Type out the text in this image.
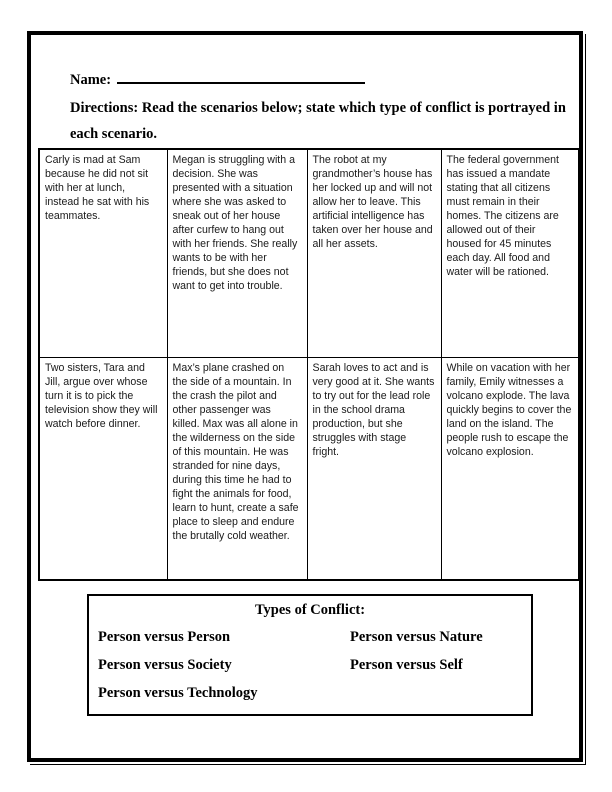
Name:
Directions: Read the scenarios below; state which type of conflict is portrayed in each scenario.
Carly is mad at Sam because he did not sit with her at lunch, instead he sat with his teammates.	Megan is struggling with a decision. She was presented with a situation where she was asked to sneak out of her house after curfew to hang out with her friends. She really wants to be with her friends, but she does not want to get into trouble.	The robot at my grandmother’s house has her locked up and will not allow her to leave. This artificial intelligence has taken over her house and all her assets.	The federal government has issued a mandate stating that all citizens must remain in their homes. The citizens are allowed out of their housed for 45 minutes each day. All food and water will be rationed.
Two sisters, Tara and Jill, argue over whose turn it is to pick the television show they will watch before dinner.	Max’s plane crashed on the side of a mountain. In the crash the pilot and other passenger was killed. Max was all alone in the wilderness on the side of this mountain. He was stranded for nine days, during this time he had to fight the animals for food, learn to hunt, create a safe place to sleep and endure the brutally cold weather.	Sarah loves to act and is very good at it. She wants to try out for the lead role in the school drama production, but she struggles with stage fright.	While on vacation with her family, Emily witnesses a volcano explode. The lava quickly begins to cover the land on the island. The people rush to escape the volcano explosion.
Types of Conflict:
Person versus Person
Person versus Society
Person versus Technology
Person versus Nature
Person versus Self
